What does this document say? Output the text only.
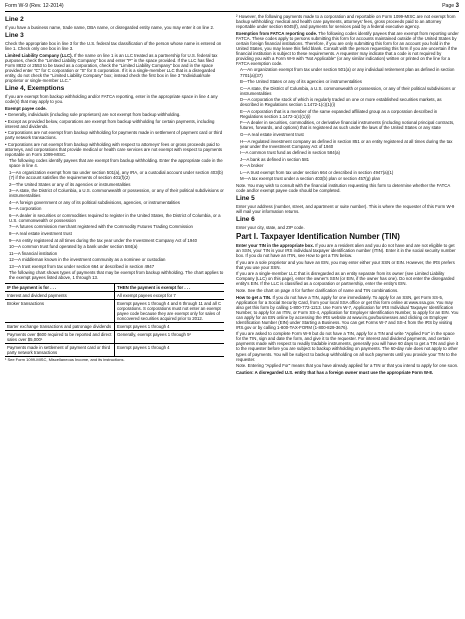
Form W-9 (Rev. 12-2014)	Page 3
Line 2

If you have a business name, trade name, DBA name, or disregarded entity name, you may enter it on line 2.

Line 3

Check the appropriate box in line 3 for the U.S. federal tax classification of the person whose name is entered on line 1. Check only one box in line 3.

Limited Liability Company (LLC). If the name on line 1 is an LLC treated as a partnership for U.S. federal tax purposes, check the "Limited Liability Company" box and enter "P" in the space provided. If the LLC has filed Form 8832 or 2553 to be taxed as a corporation, check the "Limited Liability Company" box and in the space provided enter "C" for C corporation or "S" for S corporation. If it is a single-member LLC that is a disregarded entity, do not check the "Limited Liability Company" box; instead check the first box in line 3 "Individual/sole proprietor or single-member LLC."

Line 4, Exemptions

If you are exempt from backup withholding and/or FATCA reporting, enter in the appropriate space in line 4 any code(s) that may apply to you.

Exempt payee code.

• Generally, individuals (including sole proprietors) are not exempt from backup withholding.

• Except as provided below, corporations are exempt from backup withholding for certain payments, including interest and dividends.

• Corporations are not exempt from backup withholding for payments made in settlement of payment card or third party network transactions.

• Corporations are not exempt from backup withholding with respect to attorneys' fees or gross proceeds paid to attorneys, and corporations that provide medical or health care services are not exempt with respect to payments reportable on Form 1099-MISC.

The following codes identify payees that are exempt from backup withholding. Enter the appropriate code in the space in line 4.

1—An organization exempt from tax under section 501(a), any IRA, or a custodial account under section 403(b)(7) if the account satisfies the requirements of section 401(f)(2)

2—The United States or any of its agencies or instrumentalities

3—A state, the District of Columbia, a U.S. commonwealth or possession, or any of their political subdivisions or instrumentalities

4—A foreign government or any of its political subdivisions, agencies, or instrumentalities

5—A corporation

6—A dealer in securities or commodities required to register in the United States, the District of Columbia, or a U.S. commonwealth or possession

7—A futures commission merchant registered with the Commodity Futures Trading Commission

8—A real estate investment trust

9—An entity registered at all times during the tax year under the Investment Company Act of 1940

10—A common trust fund operated by a bank under section 584(a)

11—A financial institution

12—A middleman known in the investment community as a nominee or custodian

13—A trust exempt from tax under section 664 or described in section 4947

The following chart shows types of payments that may be exempt from backup withholding. The chart applies to the exempt payees listed above, 1 through 13.

IF the payment is for . . .	THEN the payment is exempt for . . .
Interest and dividend payments	All exempt payees except for 7
Broker transactions	Exempt payees 1 through 4 and 6 through 11 and all C corporations. S corporations must not enter an exempt payee code because they are exempt only for sales of noncovered securities acquired prior to 2012.
Barter exchange transactions and patronage dividends	Exempt payees 1 through 4
Payments over $600 required to be reported and direct sales over $5,000¹	Generally, exempt payees 1 through 5²
Payments made in settlement of payment card or third party network transactions	Exempt payees 1 through 4

¹ See Form 1099-MISC, Miscellaneous Income, and its instructions.

² However, the following payments made to a corporation and reportable on Form 1099-MISC are not exempt from backup withholding: medical and health care payments, attorneys' fees, gross proceeds paid to an attorney reportable under section 6045(f), and payments for services paid by a federal executive agency.

Exemption from FATCA reporting code. The following codes identify payees that are exempt from reporting under FATCA. These codes apply to persons submitting this form for accounts maintained outside of the United States by certain foreign financial institutions. Therefore, if you are only submitting this form for an account you hold in the United States, you may leave this field blank. Consult with the person requesting this form if you are uncertain if the financial institution is subject to these requirements. A requester may indicate that a code is not required by providing you with a Form W-9 with "Not Applicable" (or any similar indication) written or printed on the line for a FATCA exemption code.

A—An organization exempt from tax under section 501(a) or any individual retirement plan as defined in section 7701(a)(37)

B—The United States or any of its agencies or instrumentalities

C—A state, the District of Columbia, a U.S. commonwealth or possession, or any of their political subdivisions or instrumentalities

D—A corporation the stock of which is regularly traded on one or more established securities markets, as described in Regulations section 1.1472-1(c)(1)(i)

E—A corporation that is a member of the same expanded affiliated group as a corporation described in Regulations section 1.1472-1(c)(1)(i)

F—A dealer in securities, commodities, or derivative financial instruments (including notional principal contracts, futures, forwards, and options) that is registered as such under the laws of the United States or any state

G—A real estate investment trust

H—A regulated investment company as defined in section 851 or an entity registered at all times during the tax year under the Investment Company Act of 1940

I—A common trust fund as defined in section 584(a)

J—A bank as defined in section 581

K—A broker

L—A trust exempt from tax under section 664 or described in section 4947(a)(1)

M—A tax exempt trust under a section 403(b) plan or section 457(g) plan

Note. You may wish to consult with the financial institution requesting this form to determine whether the FATCA code and/or exempt payee code should be completed.

Line 5

Enter your address (number, street, and apartment or suite number). This is where the requester of this Form W-9 will mail your information returns.

Line 6

Enter your city, state, and ZIP code.

Part I. Taxpayer Identification Number (TIN)

Enter your TIN in the appropriate box. If you are a resident alien and you do not have and are not eligible to get an SSN, your TIN is your IRS individual taxpayer identification number (ITIN). Enter it in the social security number box. If you do not have an ITIN, see How to get a TIN below.

If you are a sole proprietor and you have an EIN, you may enter either your SSN or EIN. However, the IRS prefers that you use your SSN.

If you are a single-member LLC that is disregarded as an entity separate from its owner (see Limited Liability Company (LLC) on this page), enter the owner's SSN (or EIN, if the owner has one). Do not enter the disregarded entity's EIN. If the LLC is classified as a corporation or partnership, enter the entity's EIN.

Note. See the chart on page 4 for further clarification of name and TIN combinations.

How to get a TIN. If you do not have a TIN, apply for one immediately. To apply for an SSN, get Form SS-5, Application for a Social Security Card, from your local SSA office or get this form online at www.ssa.gov. You may also get this form by calling 1-800-772-1213. Use Form W-7, Application for IRS Individual Taxpayer Identification Number, to apply for an ITIN, or Form SS-4, Application for Employer Identification Number, to apply for an EIN. You can apply for an EIN online by accessing the IRS website at www.irs.gov/businesses and clicking on Employer Identification Number (EIN) under Starting a Business. You can get Forms W-7 and SS-4 from the IRS by visiting IRS.gov or by calling 1-800-TAX-FORM (1-800-829-3676).

If you are asked to complete Form W-9 but do not have a TIN, apply for a TIN and write "Applied For" in the space for the TIN, sign and date the form, and give it to the requester. For interest and dividend payments, and certain payments made with respect to readily tradable instruments, generally you will have 60 days to get a TIN and give it to the requester before you are subject to backup withholding on payments. The 60-day rule does not apply to other types of payments. You will be subject to backup withholding on all such payments until you provide your TIN to the requester.

Note. Entering "Applied For" means that you have already applied for a TIN or that you intend to apply for one soon.

Caution: A disregarded U.S. entity that has a foreign owner must use the appropriate Form W-8.
